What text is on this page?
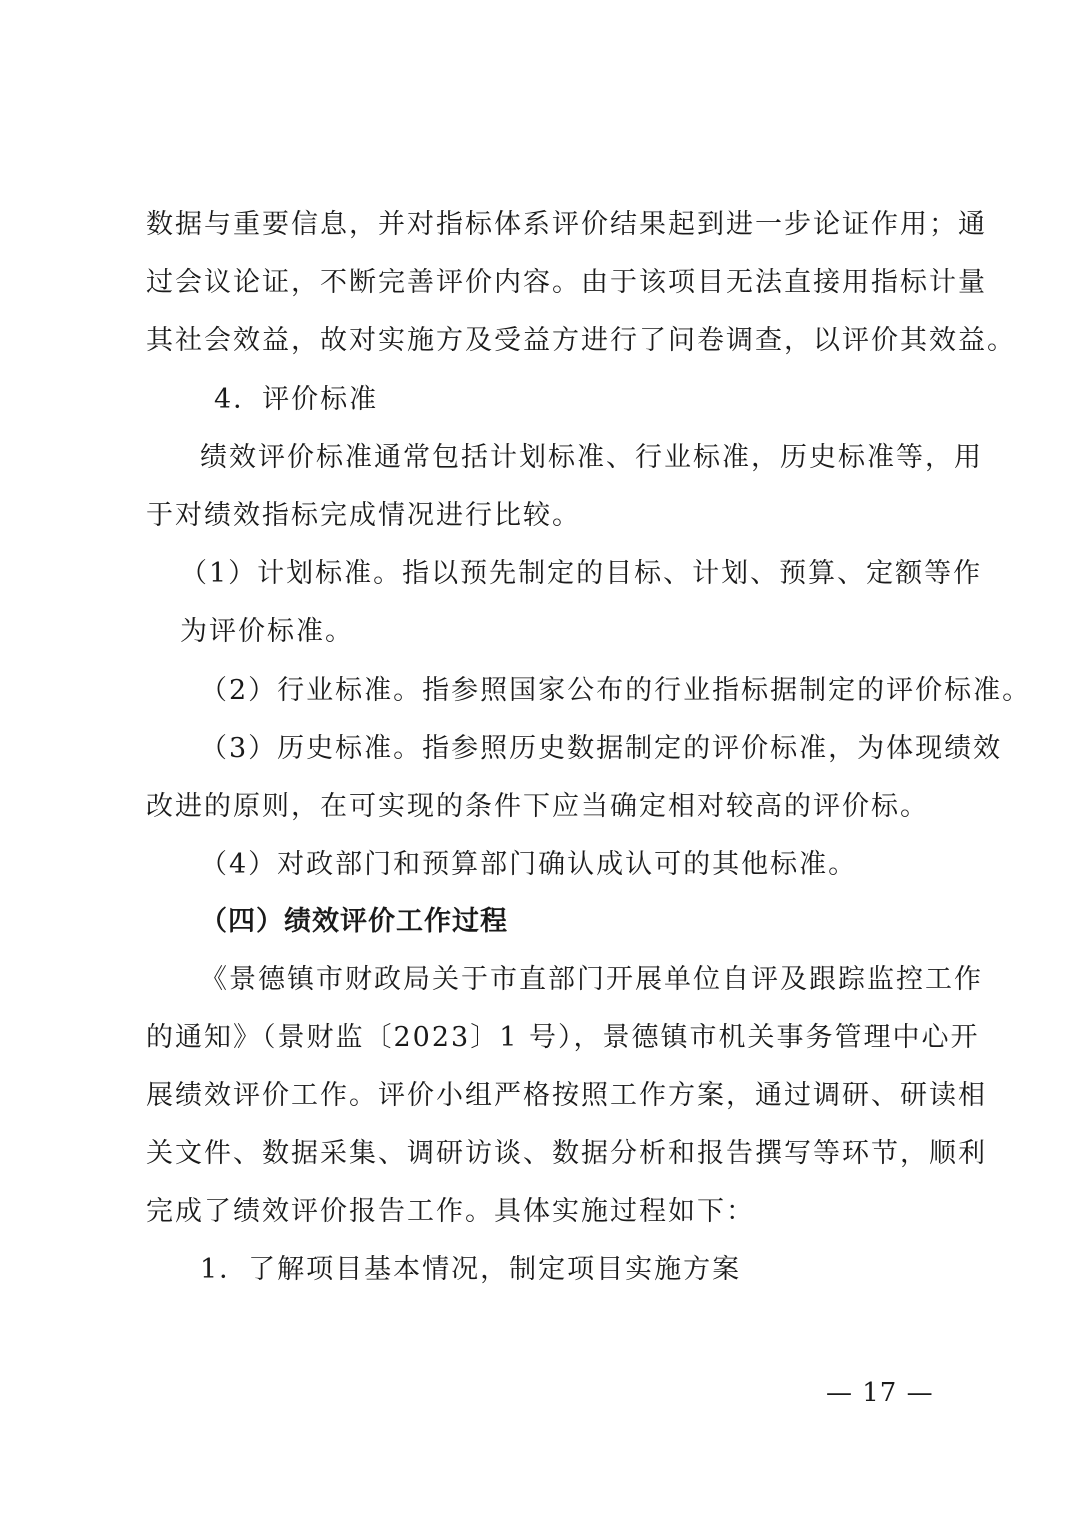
数据与重要信息，并对指标体系评价结果起到进一步论证作用；通
过会议论证，不断完善评价内容。由于该项目无法直接用指标计量
其社会效益，故对实施方及受益方进行了问卷调查，以评价其效益。
4．评价标准
绩效评价标准通常包括计划标准、行业标准，历史标准等，用
于对绩效指标完成情况进行比较。
（1）计划标准。指以预先制定的目标、计划、预算、定额等作
为评价标准。
（2）行业标准。指参照国家公布的行业指标据制定的评价标准。
（3）历史标准。指参照历史数据制定的评价标准，为体现绩效
改进的原则，在可实现的条件下应当确定相对较高的评价标。
（4）对政部门和预算部门确认成认可的其他标准。
（四）绩效评价工作过程
《景德镇市财政局关于市直部门开展单位自评及跟踪监控工作
的通知》（景财监〔2023〕1 号），景德镇市机关事务管理中心开
展绩效评价工作。评价小组严格按照工作方案，通过调研、研读相
关文件、数据采集、调研访谈、数据分析和报告撰写等环节，顺利
完成了绩效评价报告工作。具体实施过程如下：
1．了解项目基本情况，制定项目实施方案
— 17 —
